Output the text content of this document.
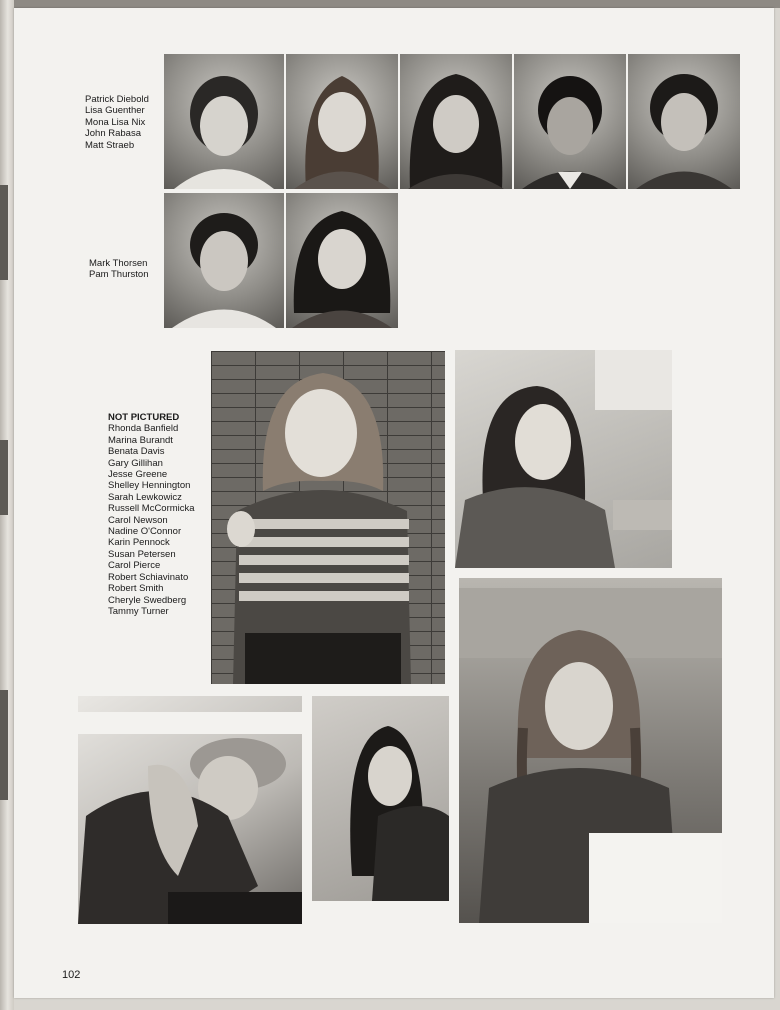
Patrick Diebold
Lisa Guenther
Mona Lisa Nix
John Rabasa
Matt Straeb
Mark Thorsen
Pam Thurston
NOT PICTURED
Rhonda Banfield
Marina Burandt
Benata Davis
Gary Gillihan
Jesse Greene
Shelley Hennington
Sarah Lewkowicz
Russell McCormicka
Carol Newson
Nadine O'Connor
Karin Pennock
Susan Petersen
Carol Pierce
Robert Schiavinato
Robert Smith
Cheryle Swedberg
Tammy Turner
102
